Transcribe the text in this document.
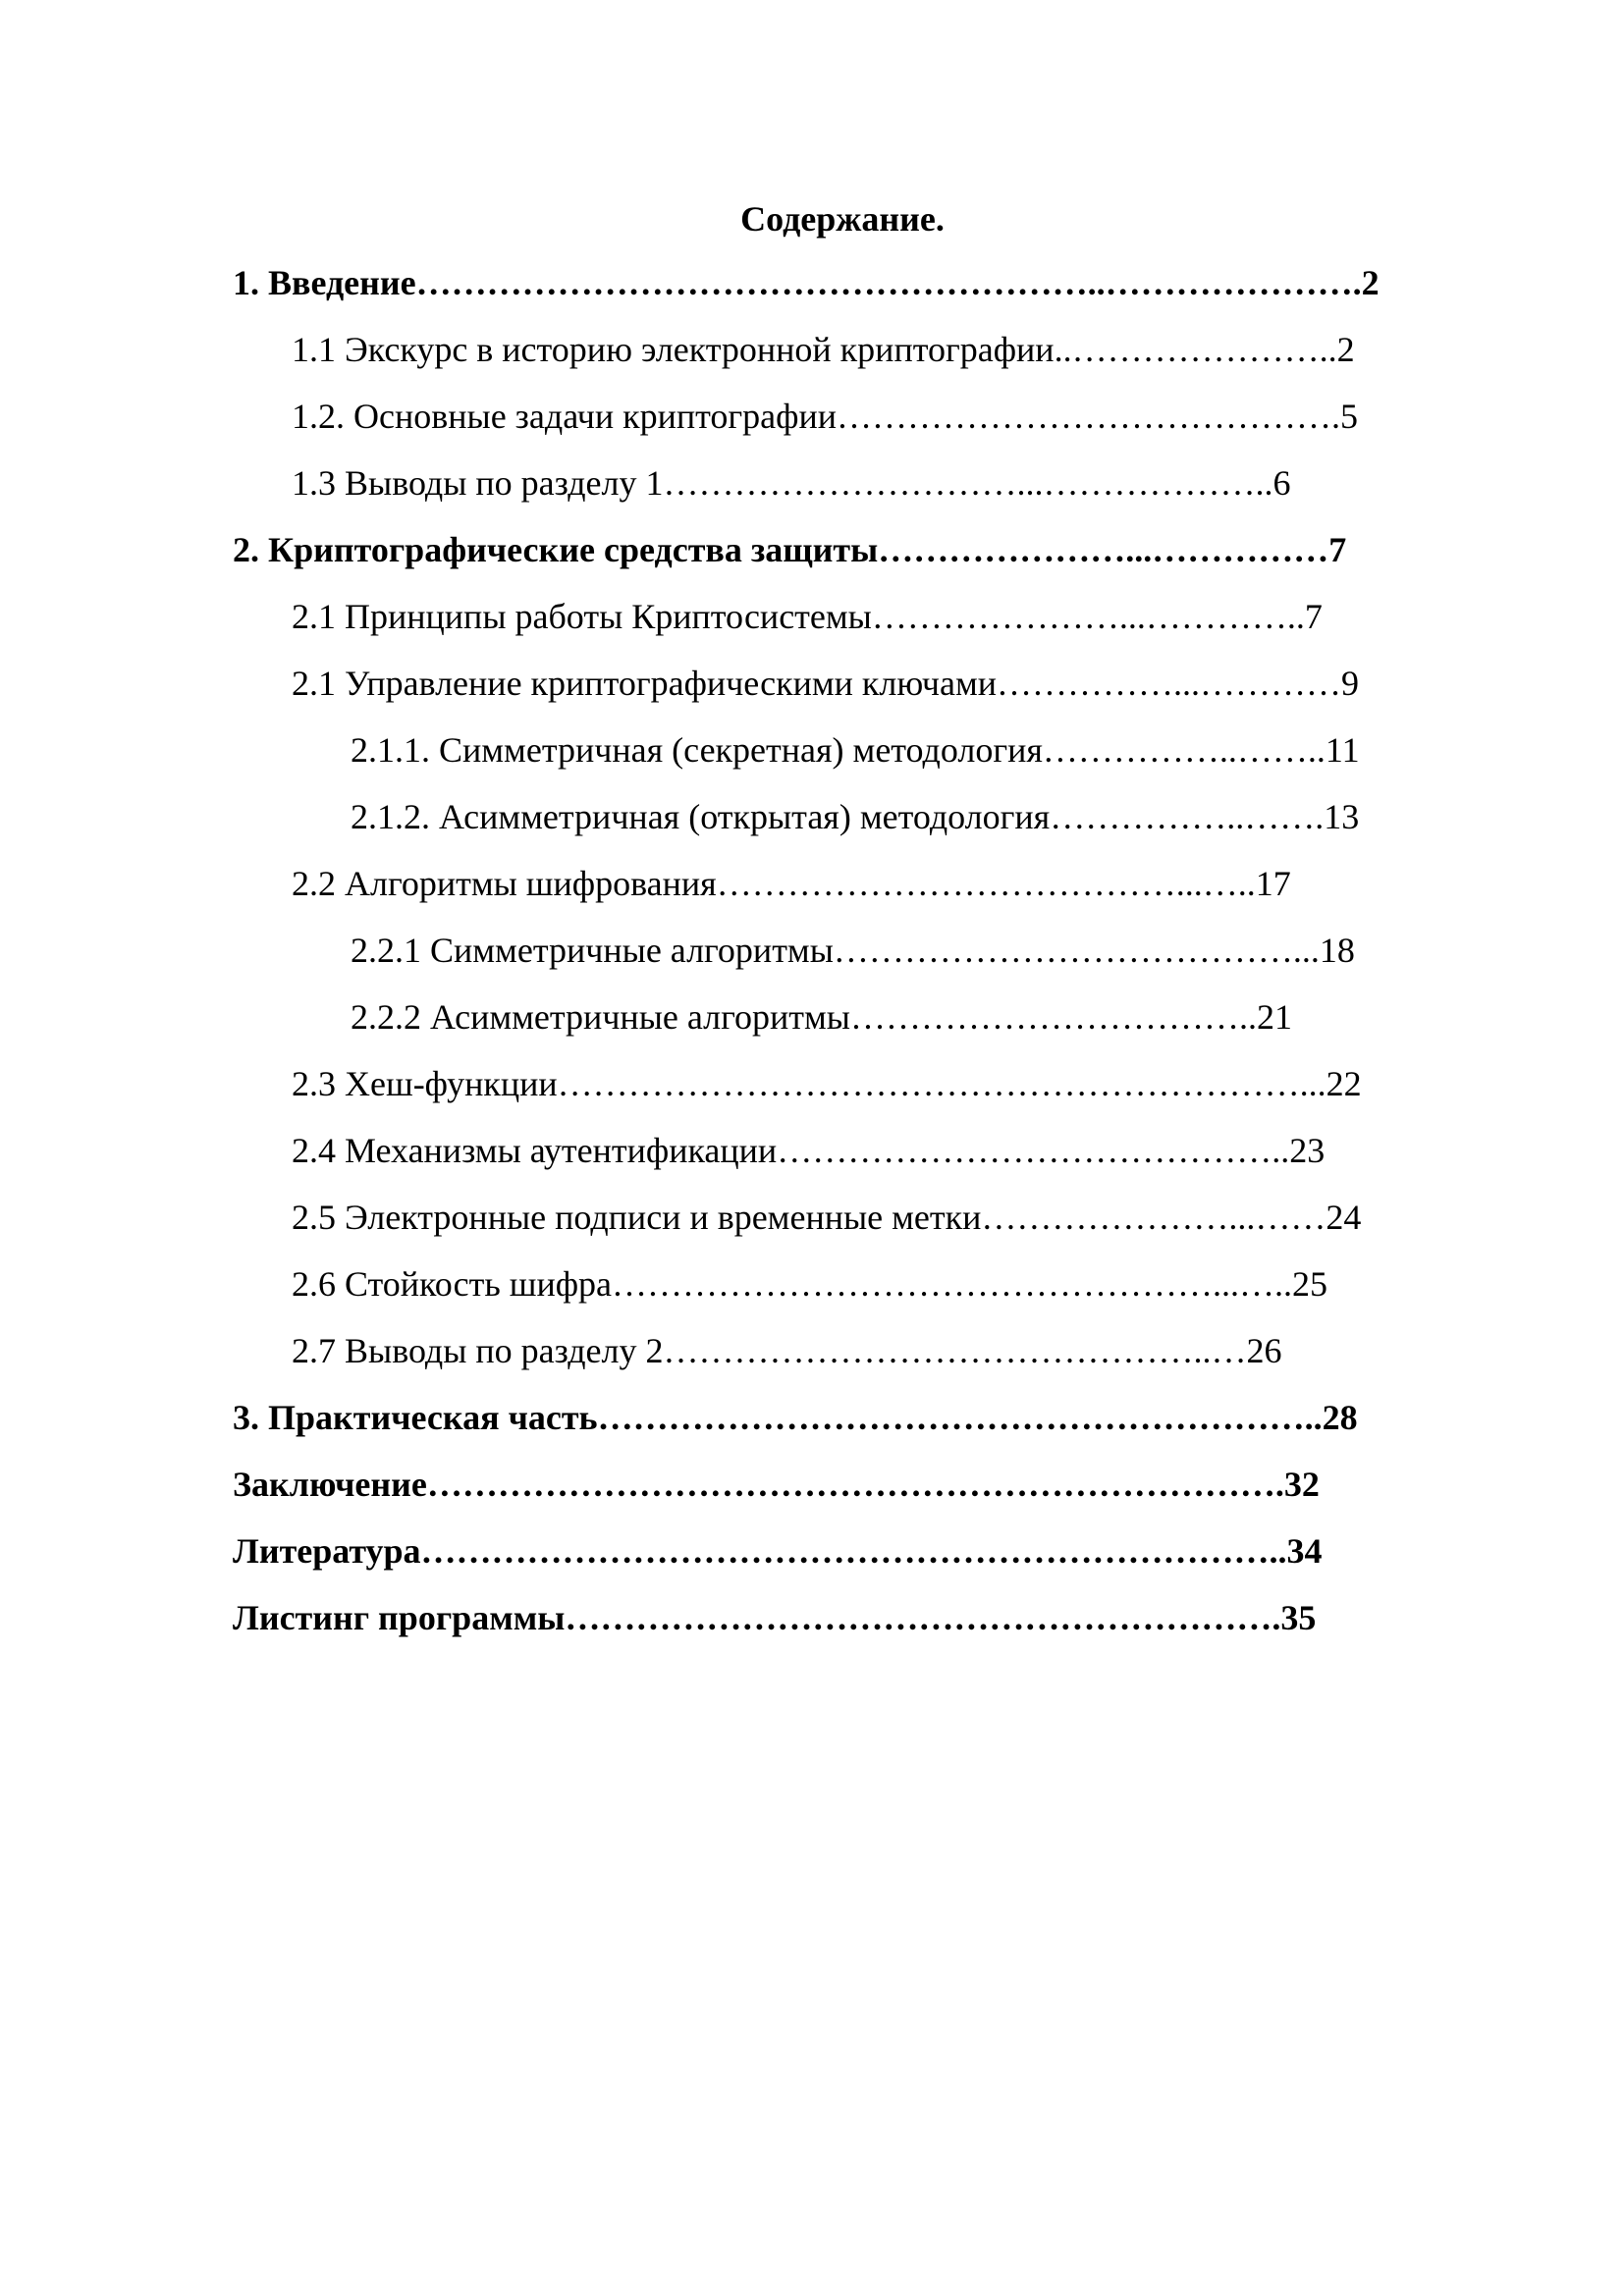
Содержание.
1. Введение…………………………………………………..………………….2
1.1 Экскурс в историю электронной криптографии..…………………..2
1.2. Основные задачи криптографии…………………………………….5
1.3 Выводы по разделу 1…………………………...………………..6
2. Криптографические средства защиты…………………...……………7
2.1 Принципы работы Криптосистемы…………………...…………..7
2.1 Управление криптографическими ключами……………...…………9
2.1.1. Симметричная (секретная) методология……………..……..11
2.1.2. Асимметричная (открытая) методология……………..…….13
2.2 Алгоритмы шифрования…………………………………...…..17
2.2.1 Симметричные алгоритмы…………………………………...18
2.2.2 Асимметричные алгоритмы……………………………..21
2.3 Хеш-функции………………………………………………………...22
2.4 Механизмы аутентификации……………………………………..23
2.5 Электронные подписи и временные метки…………………...……24
2.6 Стойкость шифра……………………………………………...…..25
2.7 Выводы по разделу 2………………………………………..…26
3. Практическая часть……………………………………………………..28
Заключение……………………………………………………………….32
Литература………………………………………………………………..34
Листинг программы…………………………………………………….35
